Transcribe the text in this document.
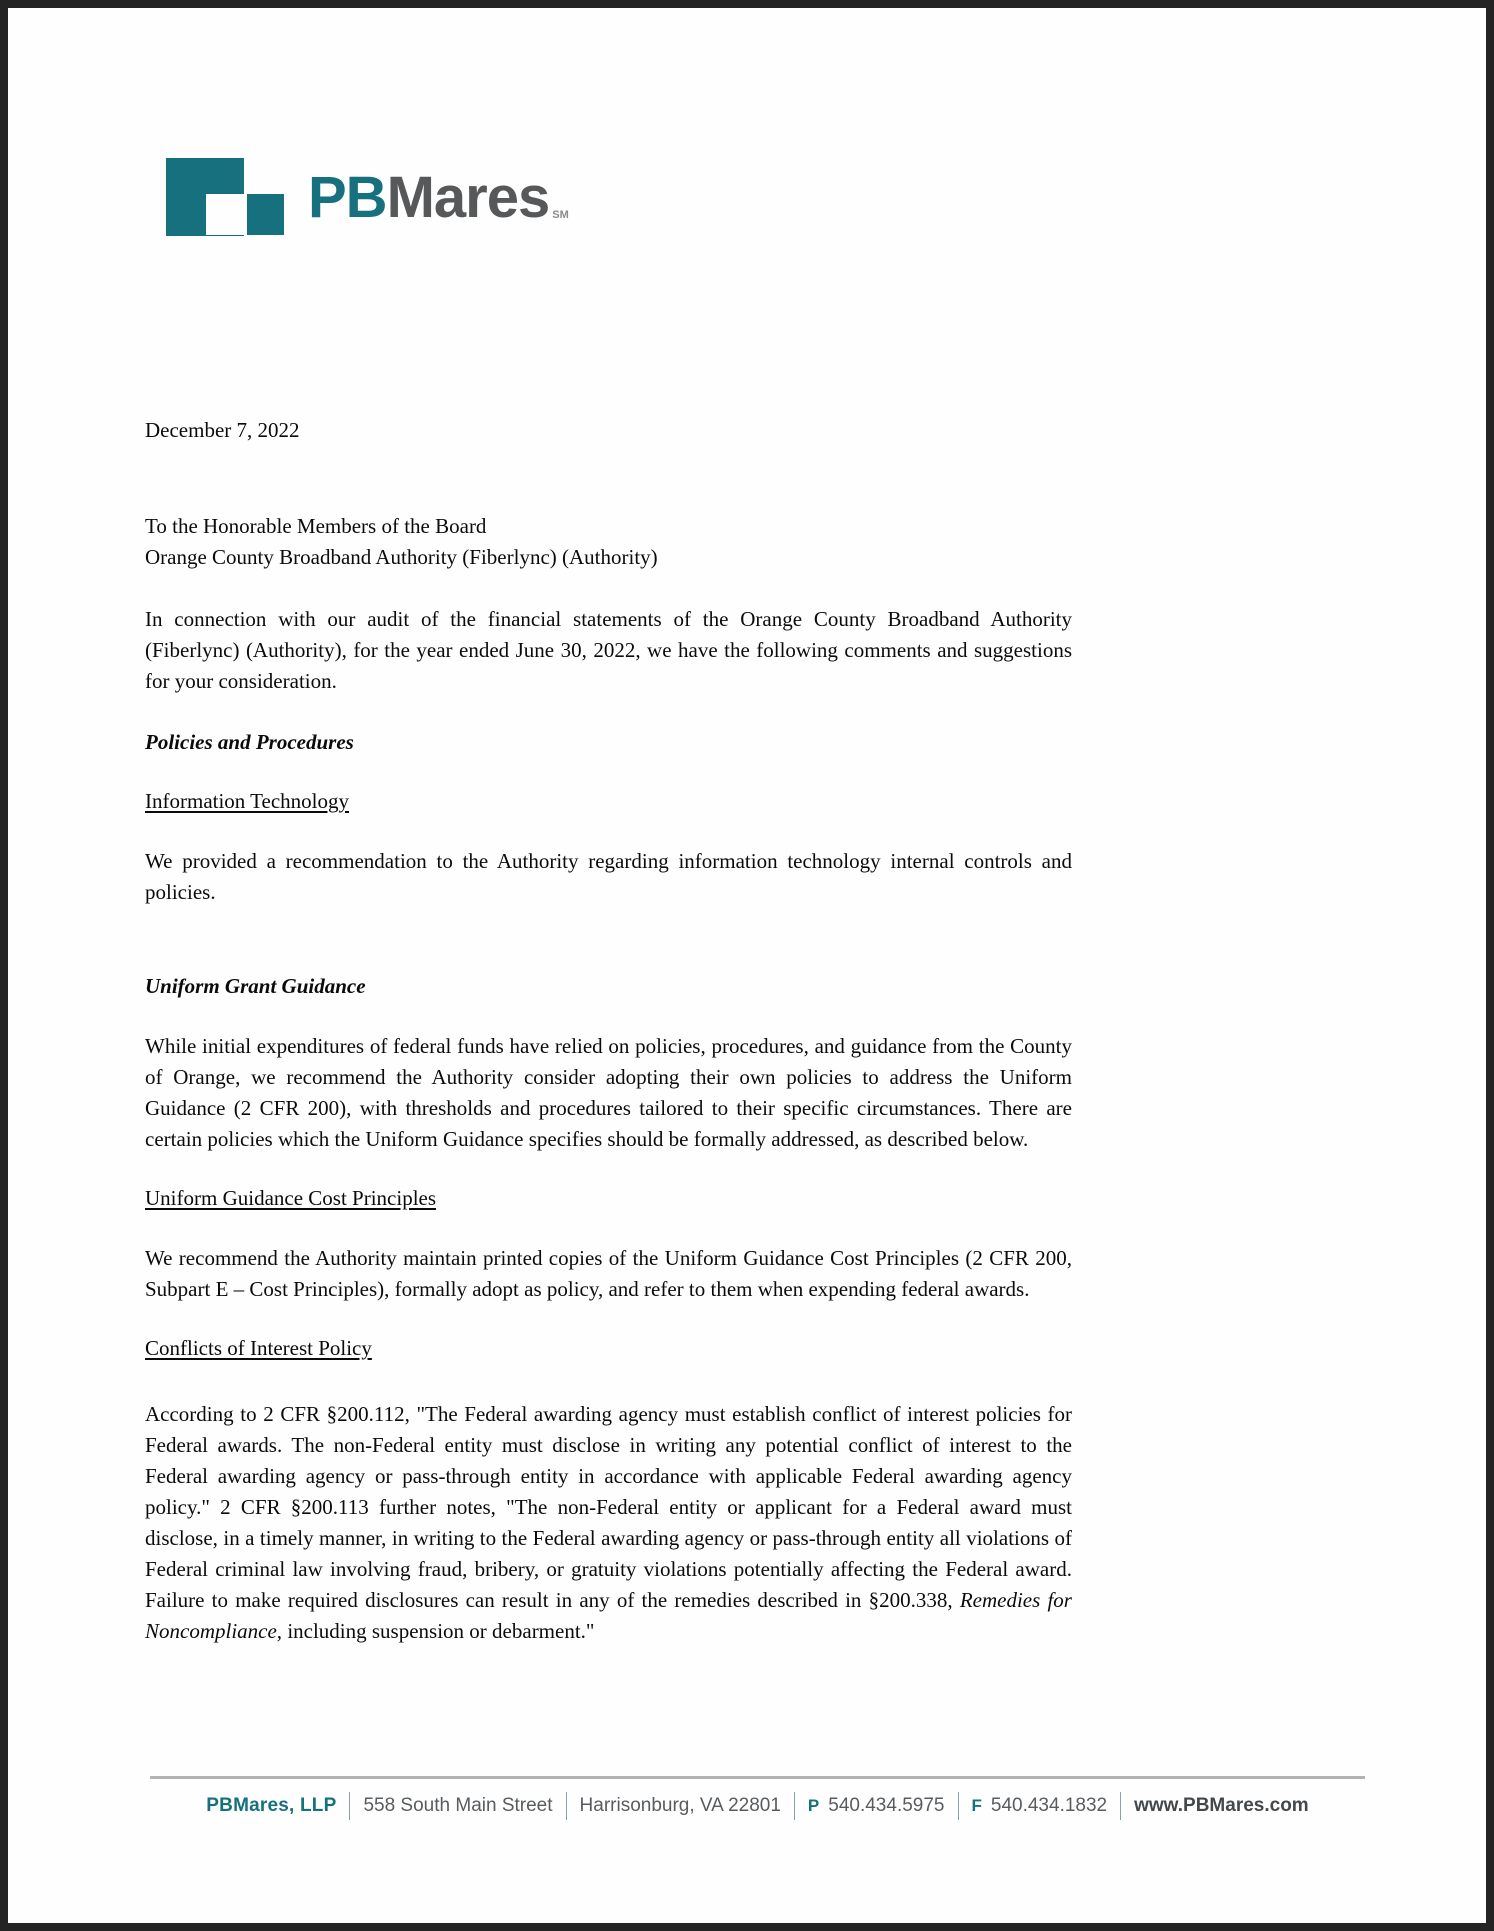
PB Mares SM

December 7, 2022

To the Honorable Members of the Board
Orange County Broadband Authority (Fiberlync) (Authority)

In connection with our audit of the financial statements of the Orange County Broadband Authority (Fiberlync) (Authority), for the year ended June 30, 2022, we have the following comments and suggestions for your consideration.

Policies and Procedures
Information Technology

We provided a recommendation to the Authority regarding information technology internal controls and policies.

Uniform Grant Guidance

While initial expenditures of federal funds have relied on policies, procedures, and guidance from the County of Orange, we recommend the Authority consider adopting their own policies to address the Uniform Guidance (2 CFR 200), with thresholds and procedures tailored to their specific circumstances. There are certain policies which the Uniform Guidance specifies should be formally addressed, as described below.

Uniform Guidance Cost Principles

We recommend the Authority maintain printed copies of the Uniform Guidance Cost Principles (2 CFR 200, Subpart E – Cost Principles), formally adopt as policy, and refer to them when expending federal awards.

Conflicts of Interest Policy

According to 2 CFR §200.112, "The Federal awarding agency must establish conflict of interest policies for Federal awards. The non-Federal entity must disclose in writing any potential conflict of interest to the Federal awarding agency or pass-through entity in accordance with applicable Federal awarding agency policy." 2 CFR §200.113 further notes, "The non-Federal entity or applicant for a Federal award must disclose, in a timely manner, in writing to the Federal awarding agency or pass-through entity all violations of Federal criminal law involving fraud, bribery, or gratuity violations potentially affecting the Federal award. Failure to make required disclosures can result in any of the remedies described in §200.338, Remedies for Noncompliance, including suspension or debarment."

PBMares, LLP 558 South Main Street Harrisonburg, VA 22801 P 540.434.5975 F 540.434.1832 www.PBMares.com
